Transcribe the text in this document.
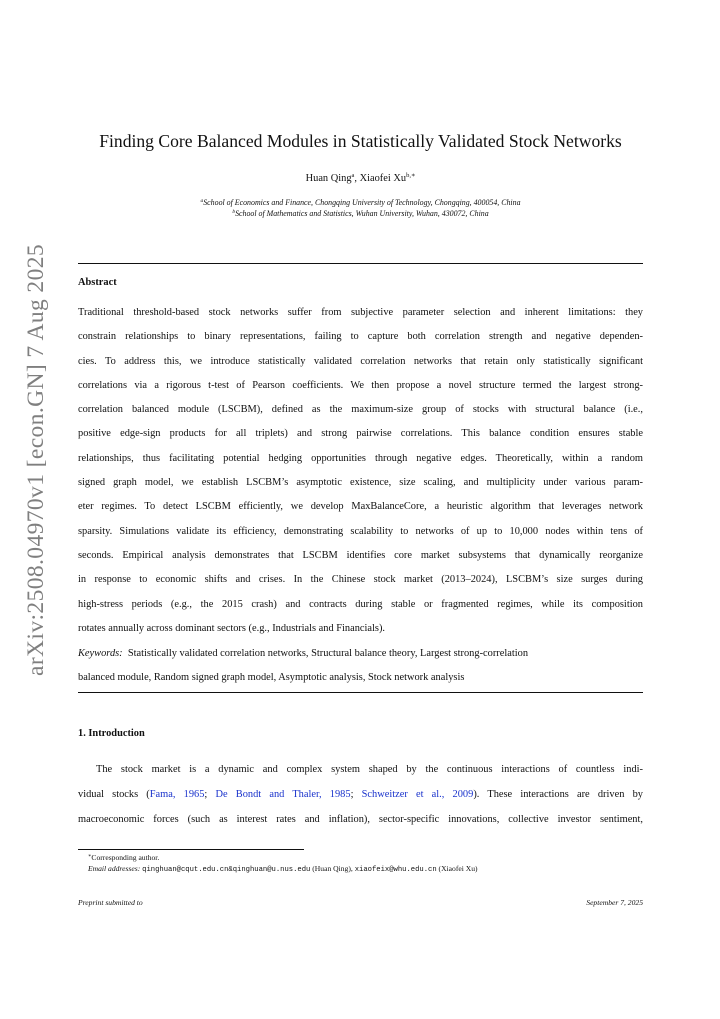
arXiv:2508.04970v1 [econ.GN] 7 Aug 2025
Finding Core Balanced Modules in Statistically Validated Stock Networks
Huan Qing$^a$, Xiaofei $Xu^{b,∗}$
$^a$School of Economics and Finance, Chongqing University of Technology, Chongqing, 400054, China
$^b$School of Mathematics and Statistics, Wuhan University, Wuhan, 430072, China
Abstract
Traditional threshold-based stock networks suffer from subjective parameter selection and inherent limitations: they
constrain relationships to binary representations, failing to capture both correlation strength and negative dependen-
cies. To address this, we introduce statistically validated correlation networks that retain only statistically significant
correlations via a rigorous t-test of Pearson coefficients. We then propose a novel structure termed the largest strong-
correlation balanced module (LSCBM), defined as the maximum-size group of stocks with structural balance (i.e.,
positive edge-sign products for all triplets) and strong pairwise correlations. This balance condition ensures stable
relationships, thus facilitating potential hedging opportunities through negative edges. Theoretically, within a random
signed graph model, we establish LSCBM’s asymptotic existence, size scaling, and multiplicity under various param-
eter regimes. To detect LSCBM efficiently, we develop MaxBalanceCore, a heuristic algorithm that leverages network
sparsity. Simulations validate its efficiency, demonstrating scalability to networks of up to 10,000 nodes within tens of
seconds. Empirical analysis demonstrates that LSCBM identifies core market subsystems that dynamically reorganize
in response to economic shifts and crises. In the Chinese stock market (2013–2024), LSCBM’s size surges during
high-stress periods (e.g., the 2015 crash) and contracts during stable or fragmented regimes, while its composition
rotates annually across dominant sectors (e.g., Industrials and Financials).
Keywords: Statistically validated correlation networks, Structural balance theory, Largest strong-correlation
balanced module, Random signed graph model, Asymptotic analysis, Stock network analysis
1. Introduction
The stock market is a dynamic and complex system shaped by the continuous interactions of countless indi-
vidual stocks (Fama, 1965; De Bondt and Thaler, 1985; Schweitzer et al., 2009). These interactions are driven by
macroeconomic forces (such as interest rates and inflation), sector-specific innovations, collective investor sentiment,
∗Corresponding author.
Email addresses: qinghuan@cqut.edu.cn&qinghuan@u.nus.edu (Huan Qing), xiaofeix@whu.edu.cn (Xiaofei Xu)
Preprint submitted to	September 7, 2025
